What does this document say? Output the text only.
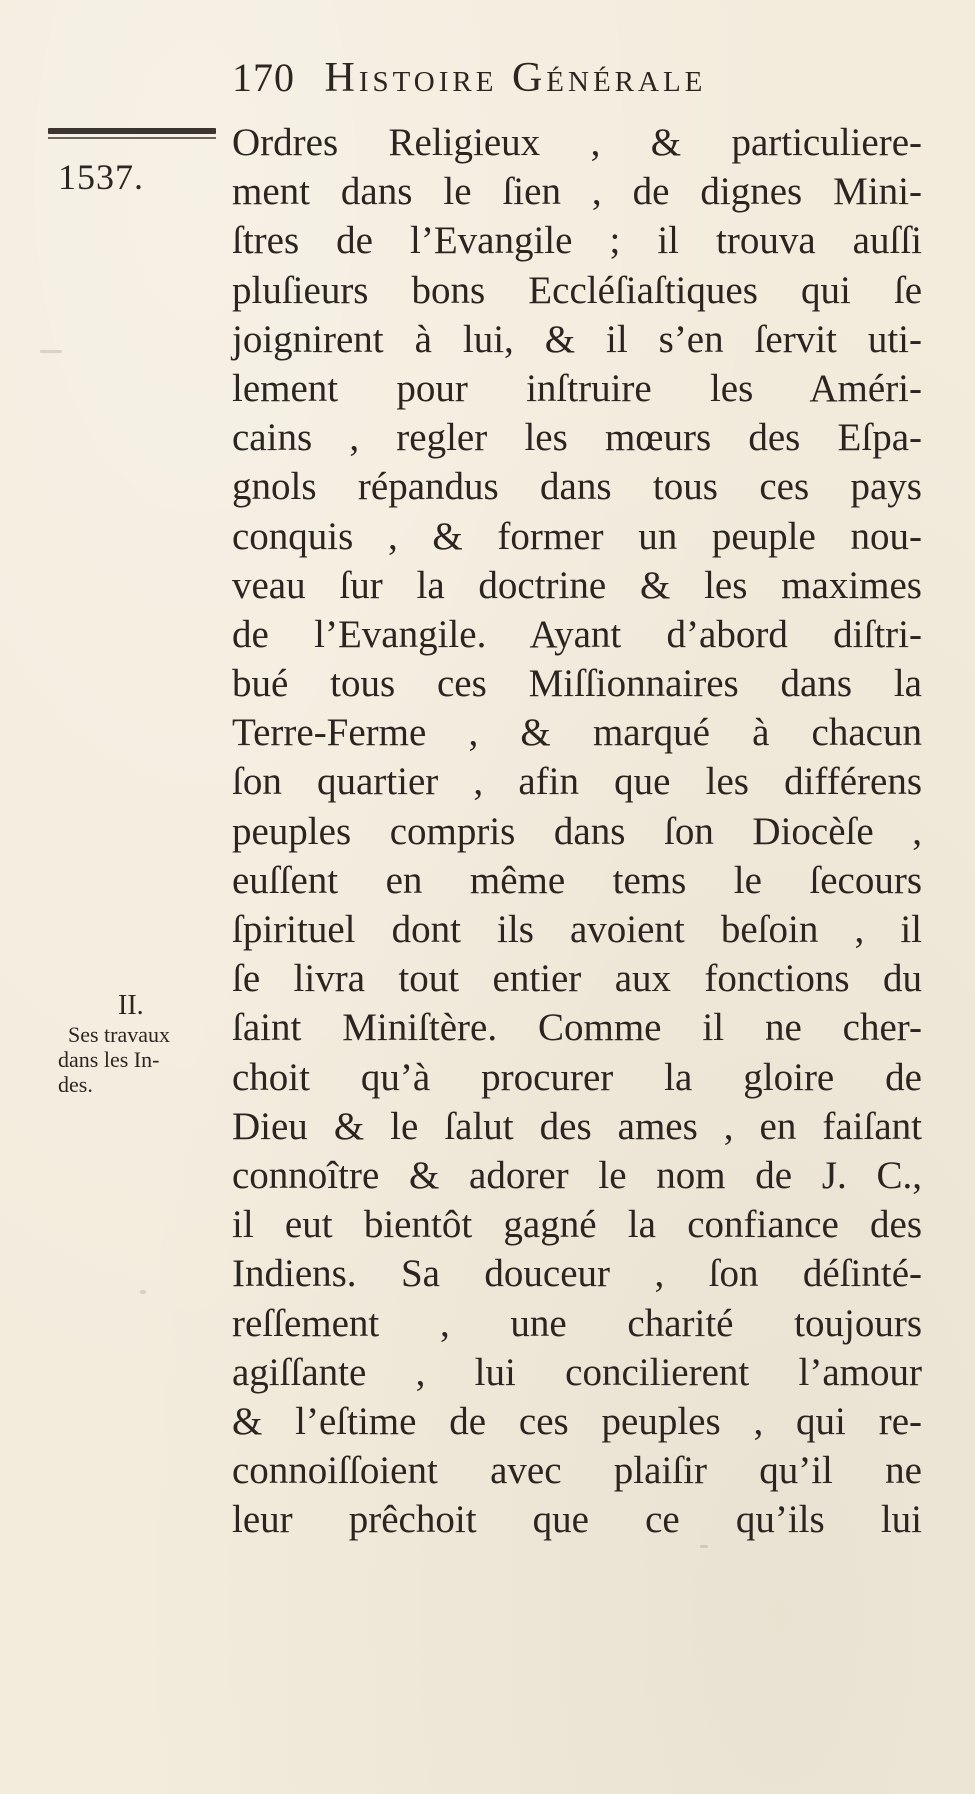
170 Histoire Générale
1537.
II.
Ses travaux
dans les In-
des.
Ordres Religieux , & particuliere-
ment dans le ſien , de dignes Mini-
ſtres de l’Evangile ; il trouva auſſi
pluſieurs bons Eccléſiaſtiques qui ſe
joignirent à lui, & il s’en ſervit uti-
lement pour inſtruire les Améri-
cains , regler les mœurs des Eſpa-
gnols répandus dans tous ces pays
conquis , & former un peuple nou-
veau ſur la doctrine & les maximes
de l’Evangile. Ayant d’abord diſtri-
bué tous ces Miſſionnaires dans la
Terre-Ferme , & marqué à chacun
ſon quartier , afin que les différens
peuples compris dans ſon Diocèſe ,
euſſent en même tems le ſecours
ſpirituel dont ils avoient beſoin , il
ſe livra tout entier aux fonctions du
ſaint Miniſtère. Comme il ne cher-
choit qu’à procurer la gloire de
Dieu & le ſalut des ames , en faiſant
connoître & adorer le nom de J. C.,
il eut bientôt gagné la confiance des
Indiens. Sa douceur , ſon déſinté-
reſſement , une charité toujours
agiſſante , lui concilierent l’amour
& l’eſtime de ces peuples , qui re-
connoiſſoient avec plaiſir qu’il ne
leur prêchoit que ce qu’ils lui
